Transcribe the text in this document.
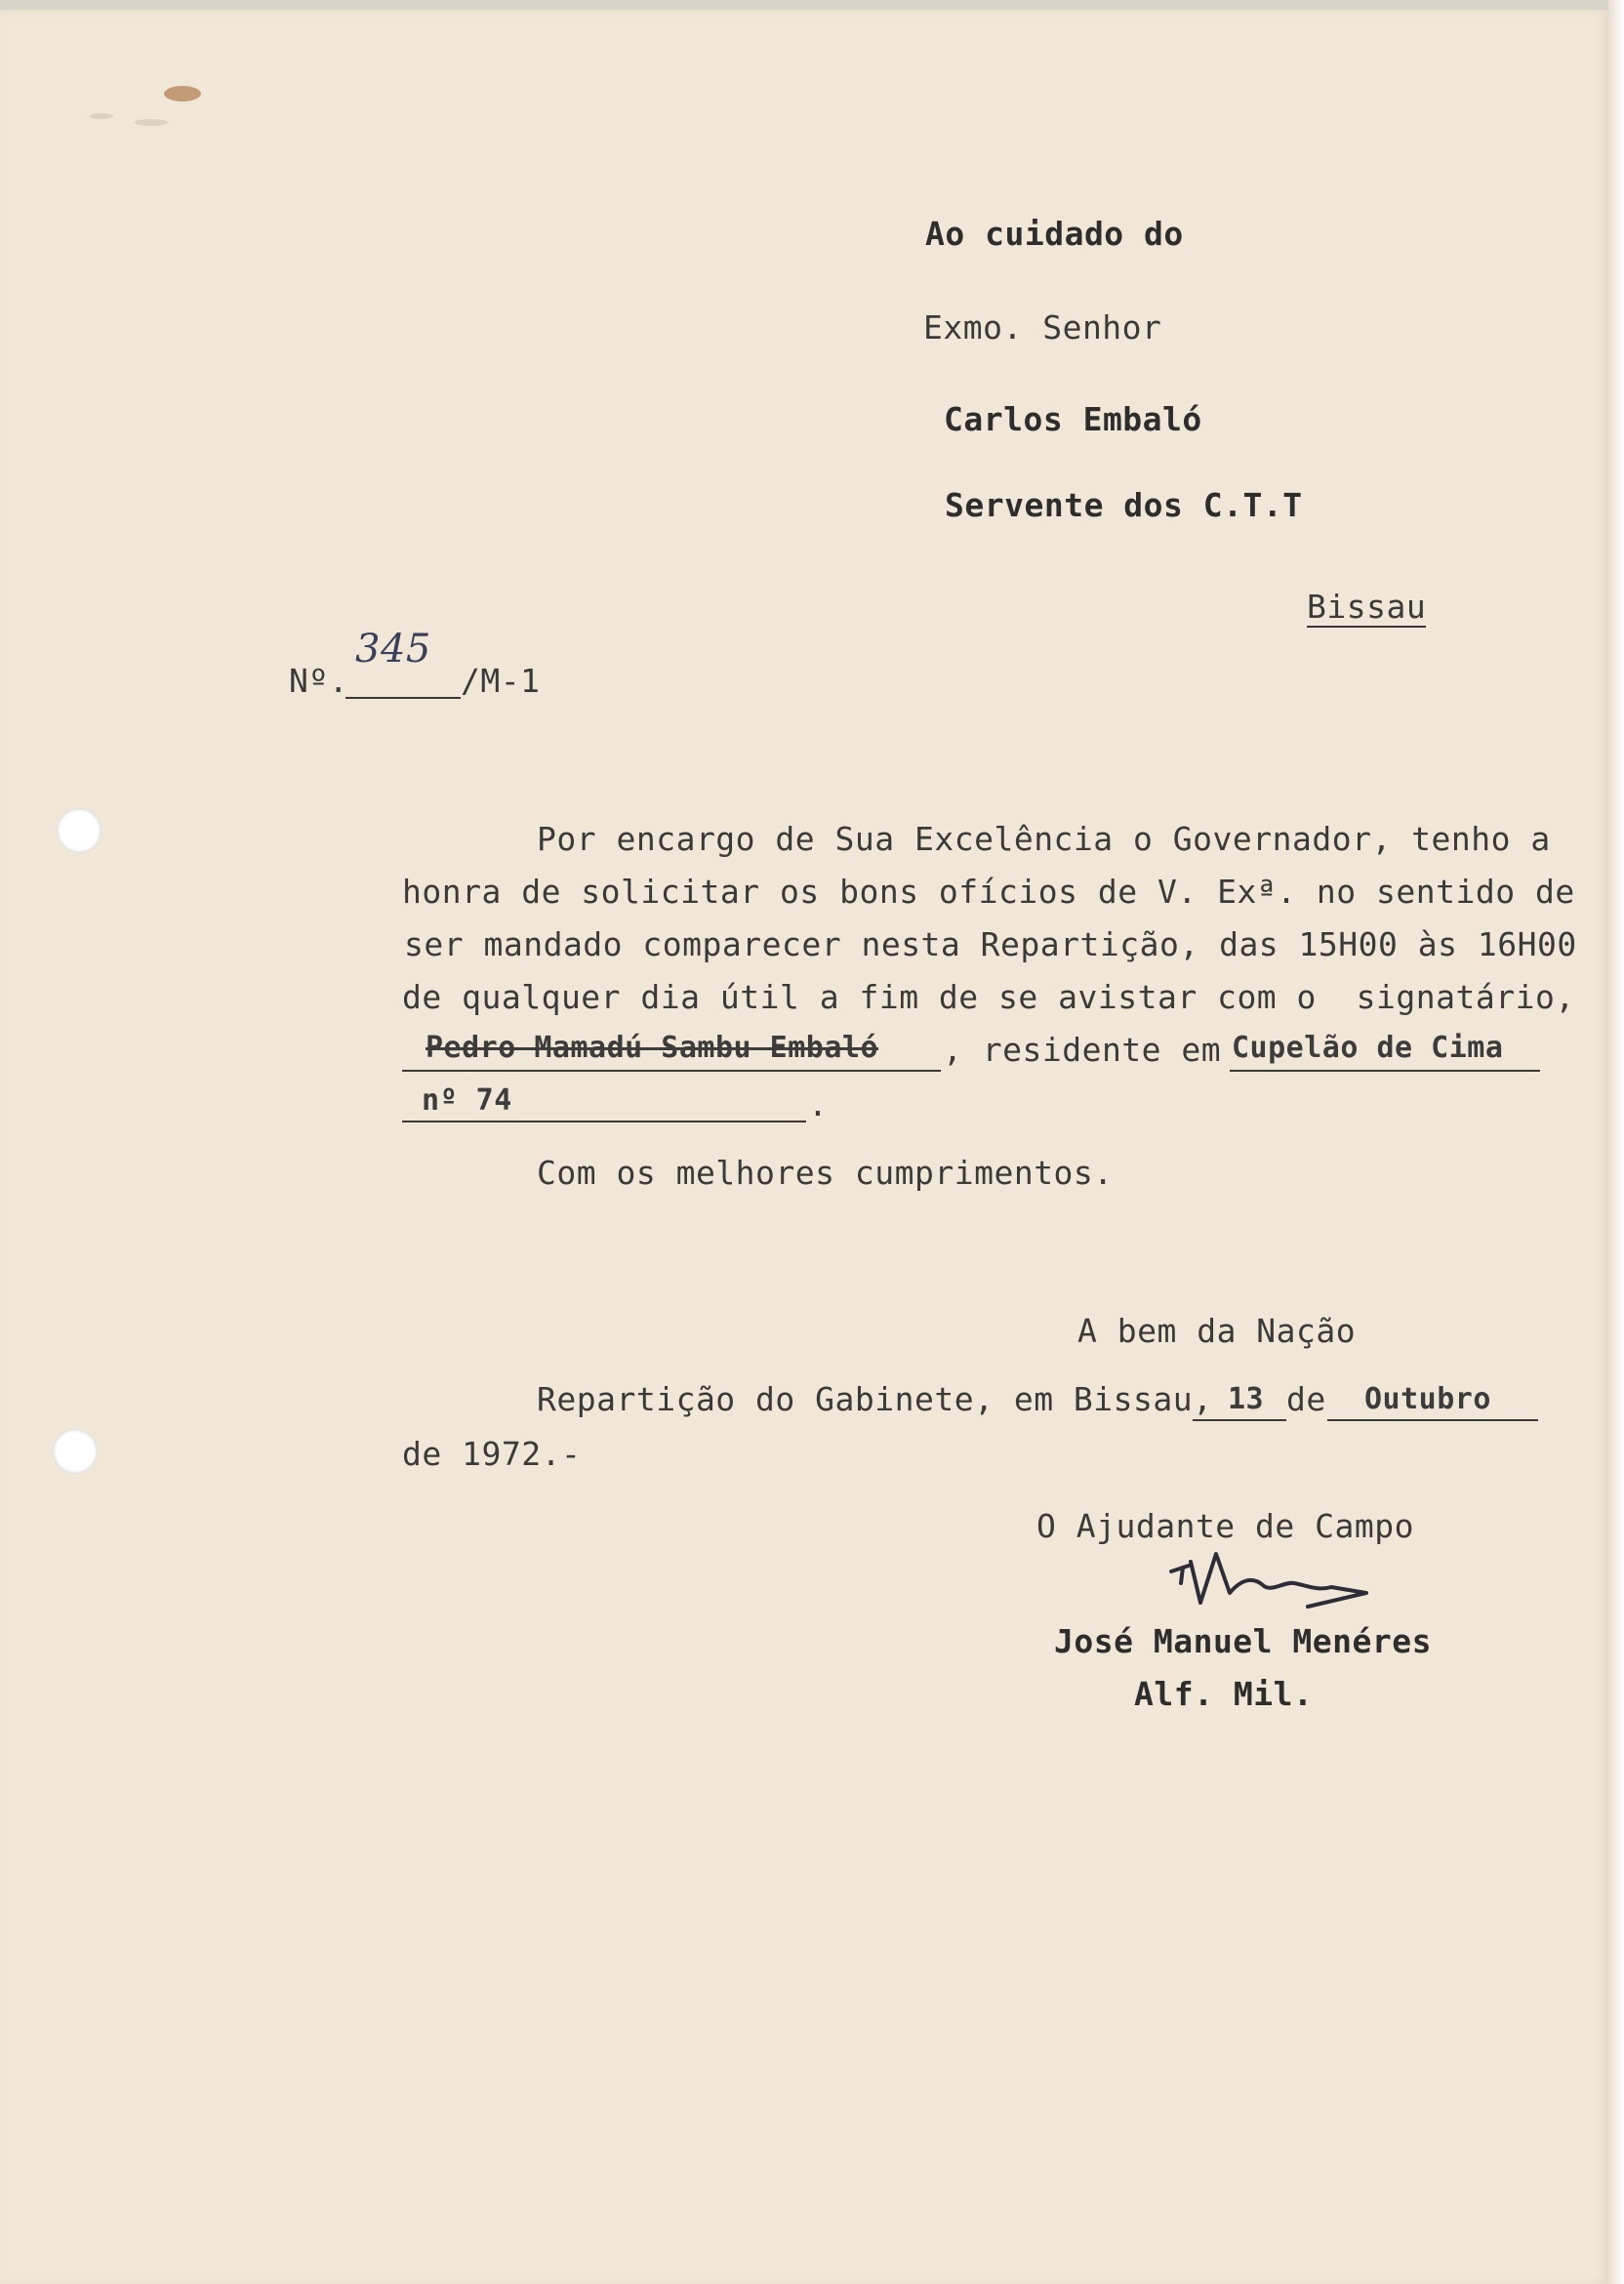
Ao cuidado do
Exmo. Senhor
Carlos Embaló
Servente dos C.T.T
Bissau
Nº.
345
/M-1
Por encargo de Sua Excelência o Governador, tenho a
honra de solicitar os bons ofícios de V. Exª. no sentido de
ser mandado comparecer nesta Repartição, das 15H00 às 16H00
de qualquer dia útil a fim de se avistar com o  signatário,
Pedro Mamadú Sambu Embaló , residente em Cupelão de Cima
nº 74	.
Com os melhores cumprimentos.
A bem da Nação
Repartição do Gabinete, em Bissau, 13 de Outubro
de 1972.-
O Ajudante de Campo
José Manuel Menéres
Alf. Mil.
